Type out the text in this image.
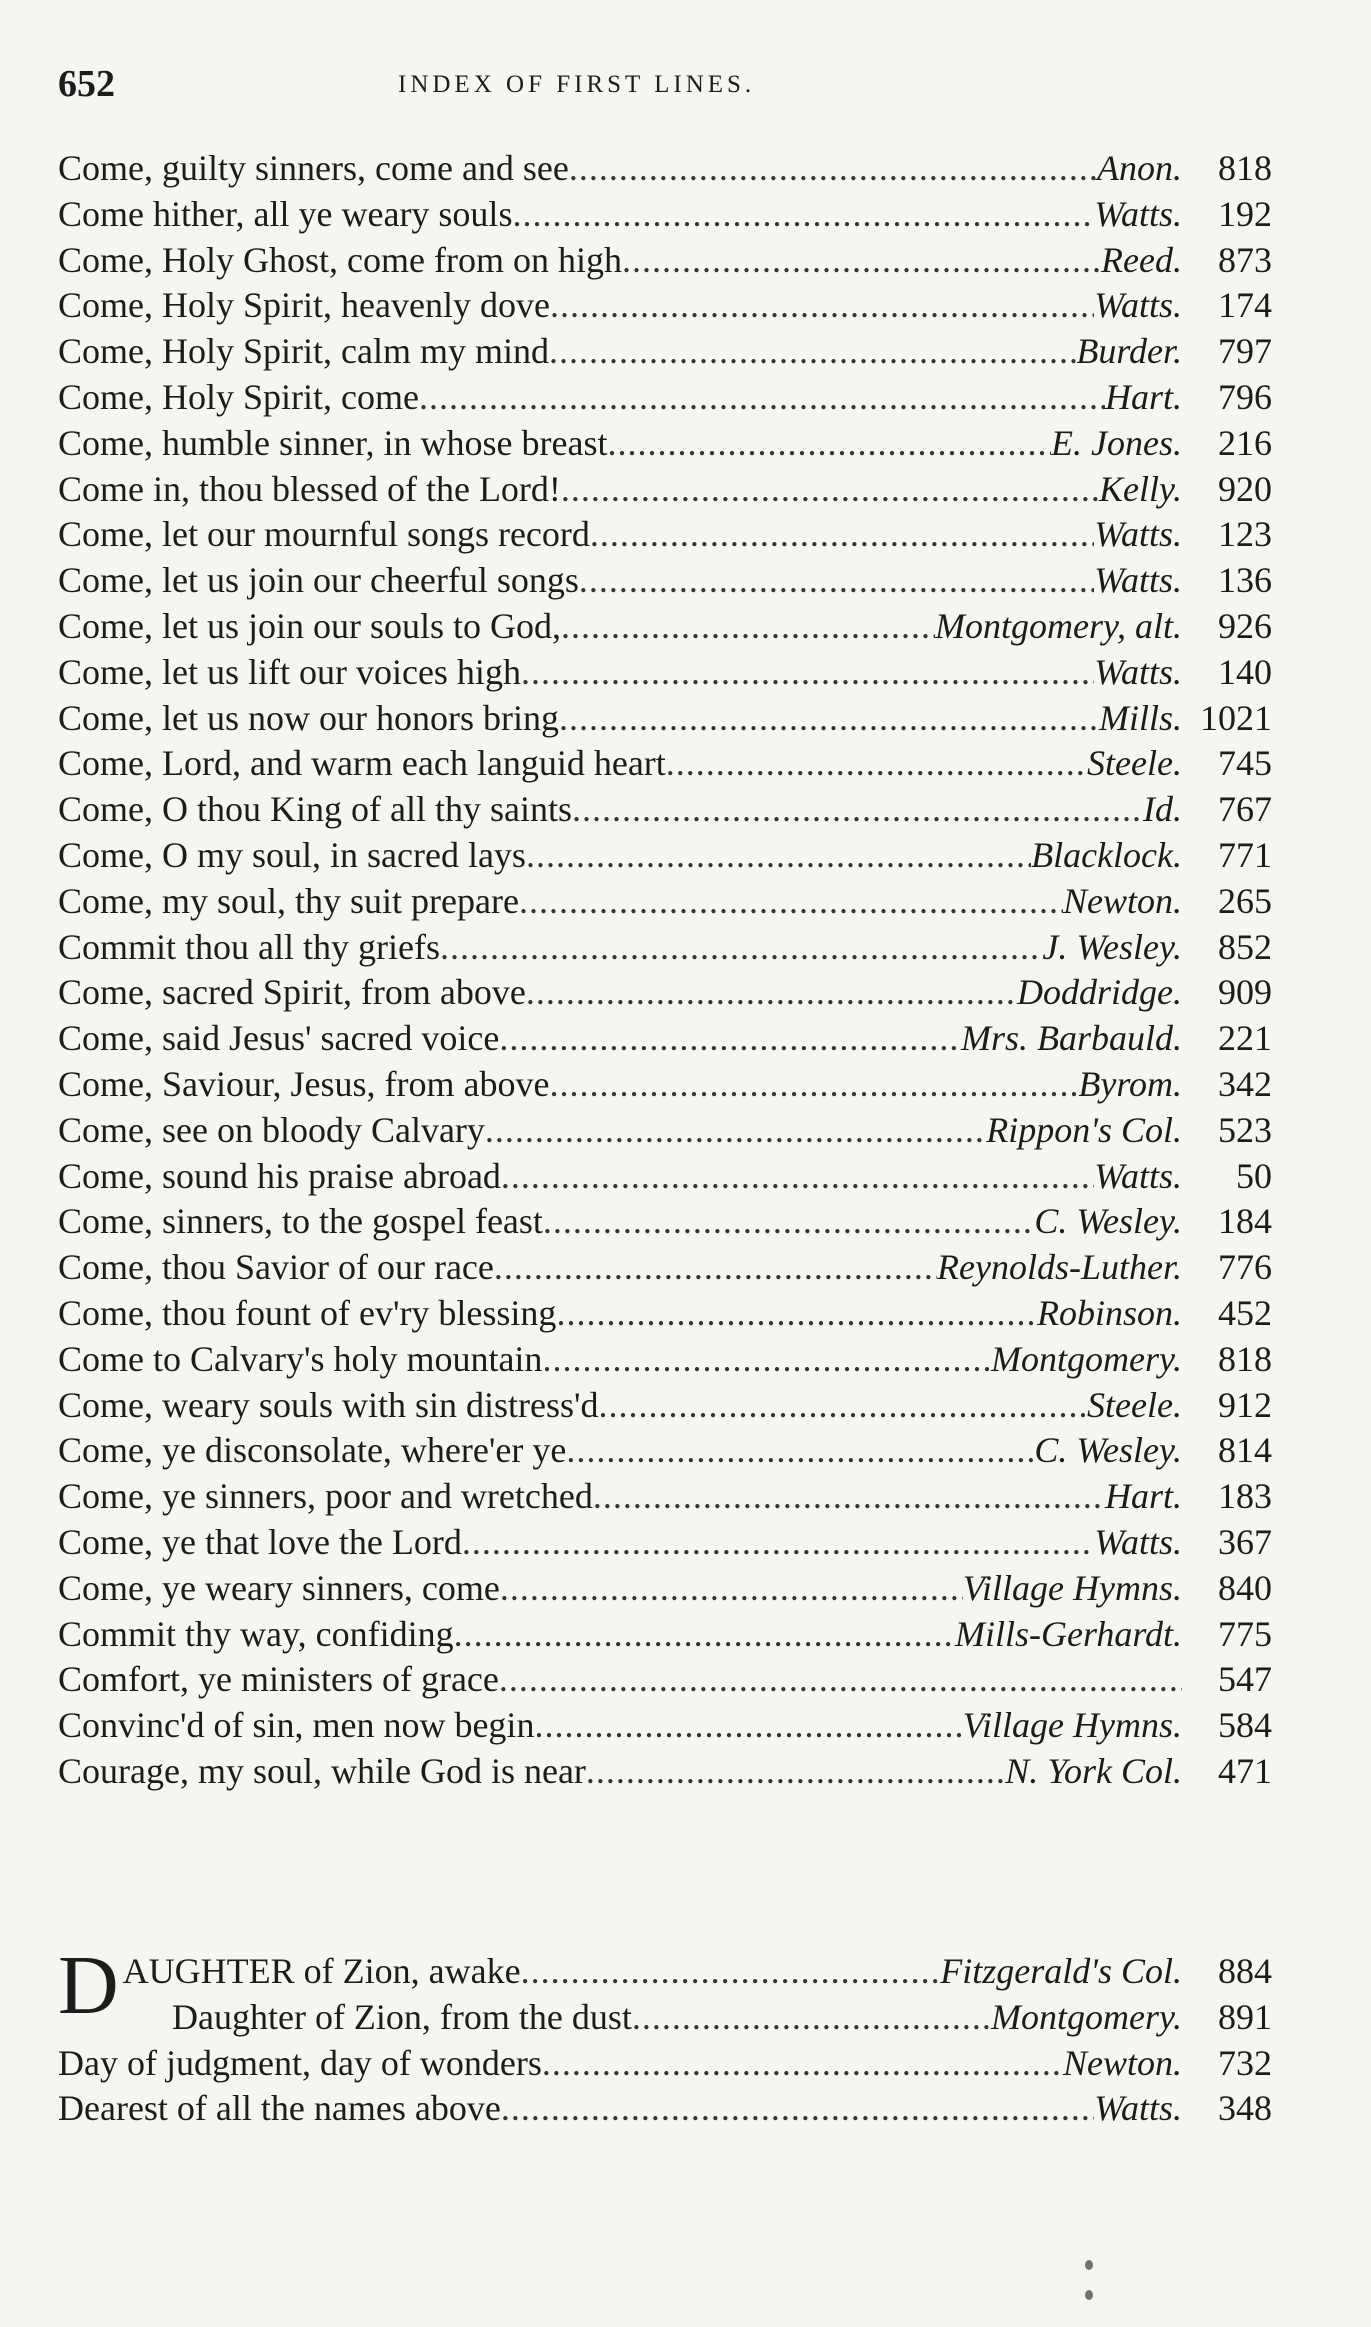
652	INDEX OF FIRST LINES.
Come, guilty sinners, come and see .....	Anon.	818
Come hither, all ye weary souls .....	Watts.	192
Come, Holy Ghost, come from on high .....	Reed.	873
Come, Holy Spirit, heavenly dove .....	Watts.	174
Come, Holy Spirit, calm my mind .....	Burder.	797
Come, Holy Spirit, come .....	Hart.	796
Come, humble sinner, in whose breast .....	E. Jones.	216
Come in, thou blessed of the Lord! .....	Kelly.	920
Come, let our mournful songs record .....	Watts.	123
Come, let us join our cheerful songs .....	Watts.	136
Come, let us join our souls to God, .....	Montgomery, alt.	926
Come, let us lift our voices high .....	Watts.	140
Come, let us now our honors bring .....	Mills. 1021
Come, Lord, and warm each languid heart .....	Steele.	745
Come, O thou King of all thy saints .....	Id.	767
Come, O my soul, in sacred lays .....	Blacklock.	771
Come, my soul, thy suit prepare .....	Newton.	265
Commit thou all thy griefs .....	J. Wesley.	852
Come, sacred Spirit, from above .....	Doddridge.	909
Come, said Jesus' sacred voice .....	Mrs. Barbauld.	221
Come, Saviour, Jesus, from above .....	Byrom.	342
Come, see on bloody Calvary .....	Rippon's Col.	523
Come, sound his praise abroad .....	Watts.	50
Come, sinners, to the gospel feast .....	C. Wesley.	184
Come, thou Savior of our race .....	Reynolds-Luther.	776
Come, thou fount of ev'ry blessing .....	Robinson.	452
Come to Calvary's holy mountain .....	Montgomery.	818
Come, weary souls with sin distress'd .....	Steele.	912
Come, ye disconsolate, where'er ye .....	C. Wesley.	814
Come, ye sinners, poor and wretched .....	Hart.	183
Come, ye that love the Lord .....	Watts.	367
Come, ye weary sinners, come .....	Village Hymns.	840
Commit thy way, confiding .....	Mills-Gerhardt.	775
Comfort, ye ministers of grace .....	547
Convinc'd of sin, men now begin .....	Village Hymns.	584
Courage, my soul, while God is near .....	N. York Col.	471
DAUGHTER of Zion, awake .....	Fitzgerald's Col.	884
Daughter of Zion, from the dust .....	Montgomery.	891
Day of judgment, day of wonders .....	Newton.	732
Dearest of all the names above .....	Watts.	348
